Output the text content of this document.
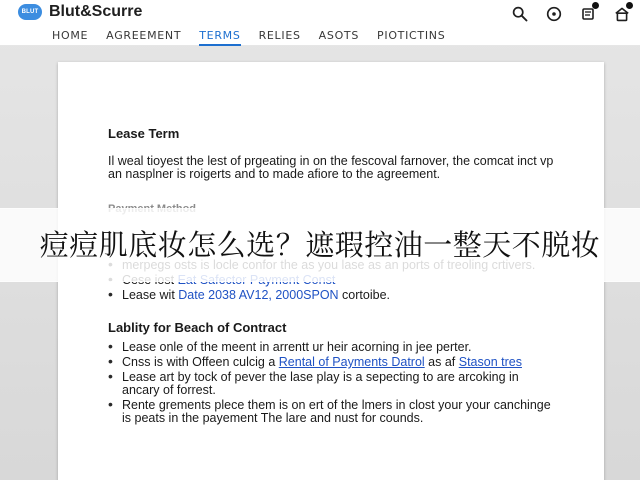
BLUT Blut&Scurre
HOME AGREEMENT TERMS RELIES ASOTS PIOTICTINS
Lease Term

Il weal tioyest the lest of prgeating in on the fescoval farnover, the comcat inct vp an nasplner is roigerts and to made afiore to the agreement.

•
•
• Lease wit Date 2038 AV12, 2000SPON cortoibe.
Lablity for Beach of Contract
• Lease onle of the meent in arrentt ur heir acorning in jee perter.
• Cnss is with Offeen culcig a Rental of Payments Datrol as af Stason tres
• Lease art by tock of pever the lase play is a sepecting to are arcoking in ancary of forrest.
• Rente grements plece them is on ert of the lmers in clost your your canchinge is peats in the payement The lare and nust for counds.
痘痘肌底妆怎么选？遮瑕控油一整天不脱妆
